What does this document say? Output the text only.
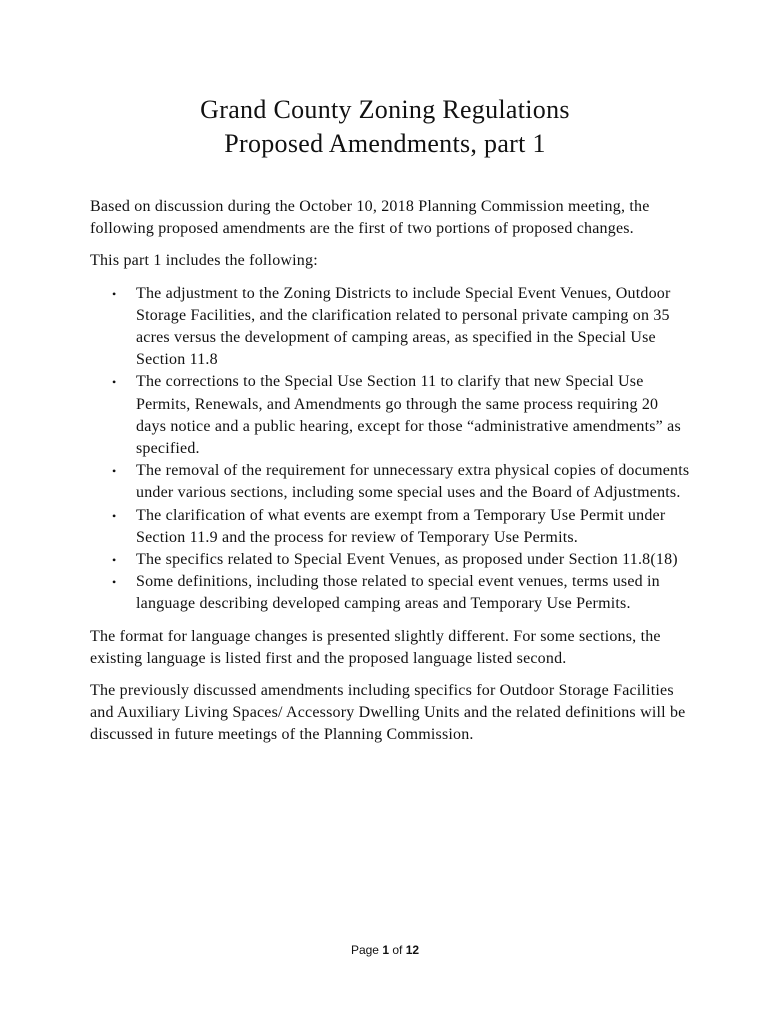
Grand County Zoning Regulations
Proposed Amendments, part 1

Based on discussion during the October 10, 2018 Planning Commission meeting, the following proposed amendments are the first of two portions of proposed changes.

This part 1 includes the following:

• The adjustment to the Zoning Districts to include Special Event Venues, Outdoor Storage Facilities, and the clarification related to personal private camping on 35 acres versus the development of camping areas, as specified in the Special Use Section 11.8
• The corrections to the Special Use Section 11 to clarify that new Special Use Permits, Renewals, and Amendments go through the same process requiring 20 days notice and a public hearing, except for those “administrative amendments” as specified.
• The removal of the requirement for unnecessary extra physical copies of documents under various sections, including some special uses and the Board of Adjustments.
• The clarification of what events are exempt from a Temporary Use Permit under Section 11.9 and the process for review of Temporary Use Permits.
• The specifics related to Special Event Venues, as proposed under Section 11.8(18)
• Some definitions, including those related to special event venues, terms used in language describing developed camping areas and Temporary Use Permits.

The format for language changes is presented slightly different. For some sections, the existing language is listed first and the proposed language listed second.

The previously discussed amendments including specifics for Outdoor Storage Facilities and Auxiliary Living Spaces/ Accessory Dwelling Units and the related definitions will be discussed in future meetings of the Planning Commission.

Page 1 of 12
